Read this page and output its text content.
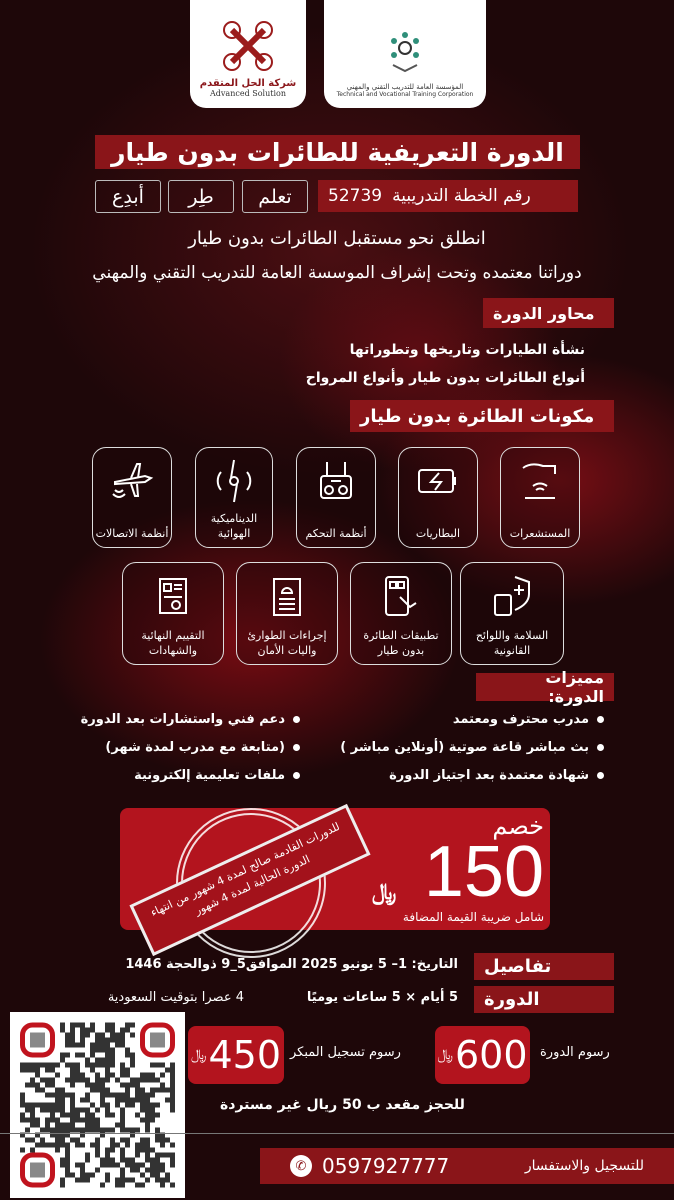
شركة الحل المتقدم
Advanced Solution
المؤسسة العامة للتدريب التقني والمهني
Technical and Vocational Training Corporation
الدورة التعريفية للطائرات بدون طيار
رقم الخطة التدريبية
52739
تعلم
طِر
أبدِع
انطلق نحو مستقبل الطائرات بدون طيار
دوراتنا معتمده وتحت إشراف الموسسة العامة للتدريب التقني والمهني
محاور الدورة
نشأة الطيارات وتاريخها وتطوراتها
أنواع الطائرات بدون طيار وأنواع المرواح
مكونات الطائرة بدون طيار
المستشعرات
البطاريات
أنظمة التحكم
الديناميكية الهوائية
أنظمة الاتصالات
السلامة واللوائح القانونية
تطبيقات الطائرة بدون طيار
إجراءات الطوارئ واليات الأمان
التقييم النهائية والشهادات
مميزات الدورة:
مدرب محترف ومعتمد
بث مباشر قاعة صوتية (أونلاين مباشر )
شهادة معتمدة بعد اجتياز الدورة
دعم فني واستشارات بعد الدورة
(متابعة مع مدرب لمدة شهر)
ملفات تعليمية إلكترونية
خصم
150
﷼
شامل ضريبة القيمة المضافة
للدورات القادمة صالح لمدة 4 شهور من انتهاء الدورة الحالية لمدة 4 شهور
تفاصيل
الدورة
التاريخ: 1– 5 يونيو 2025 الموافق5_9 ذوالحجة 1446
5 أيام × 5 ساعات يوميًا
4 عصرا بتوقيت السعودية
رسوم الدورة
﷼ 600
رسوم تسجيل المبكر
﷼ 450
للحجز مقعد ب 50 ريال غير مستردة
للتسجيل والاستفسار
✆ 0597927777
